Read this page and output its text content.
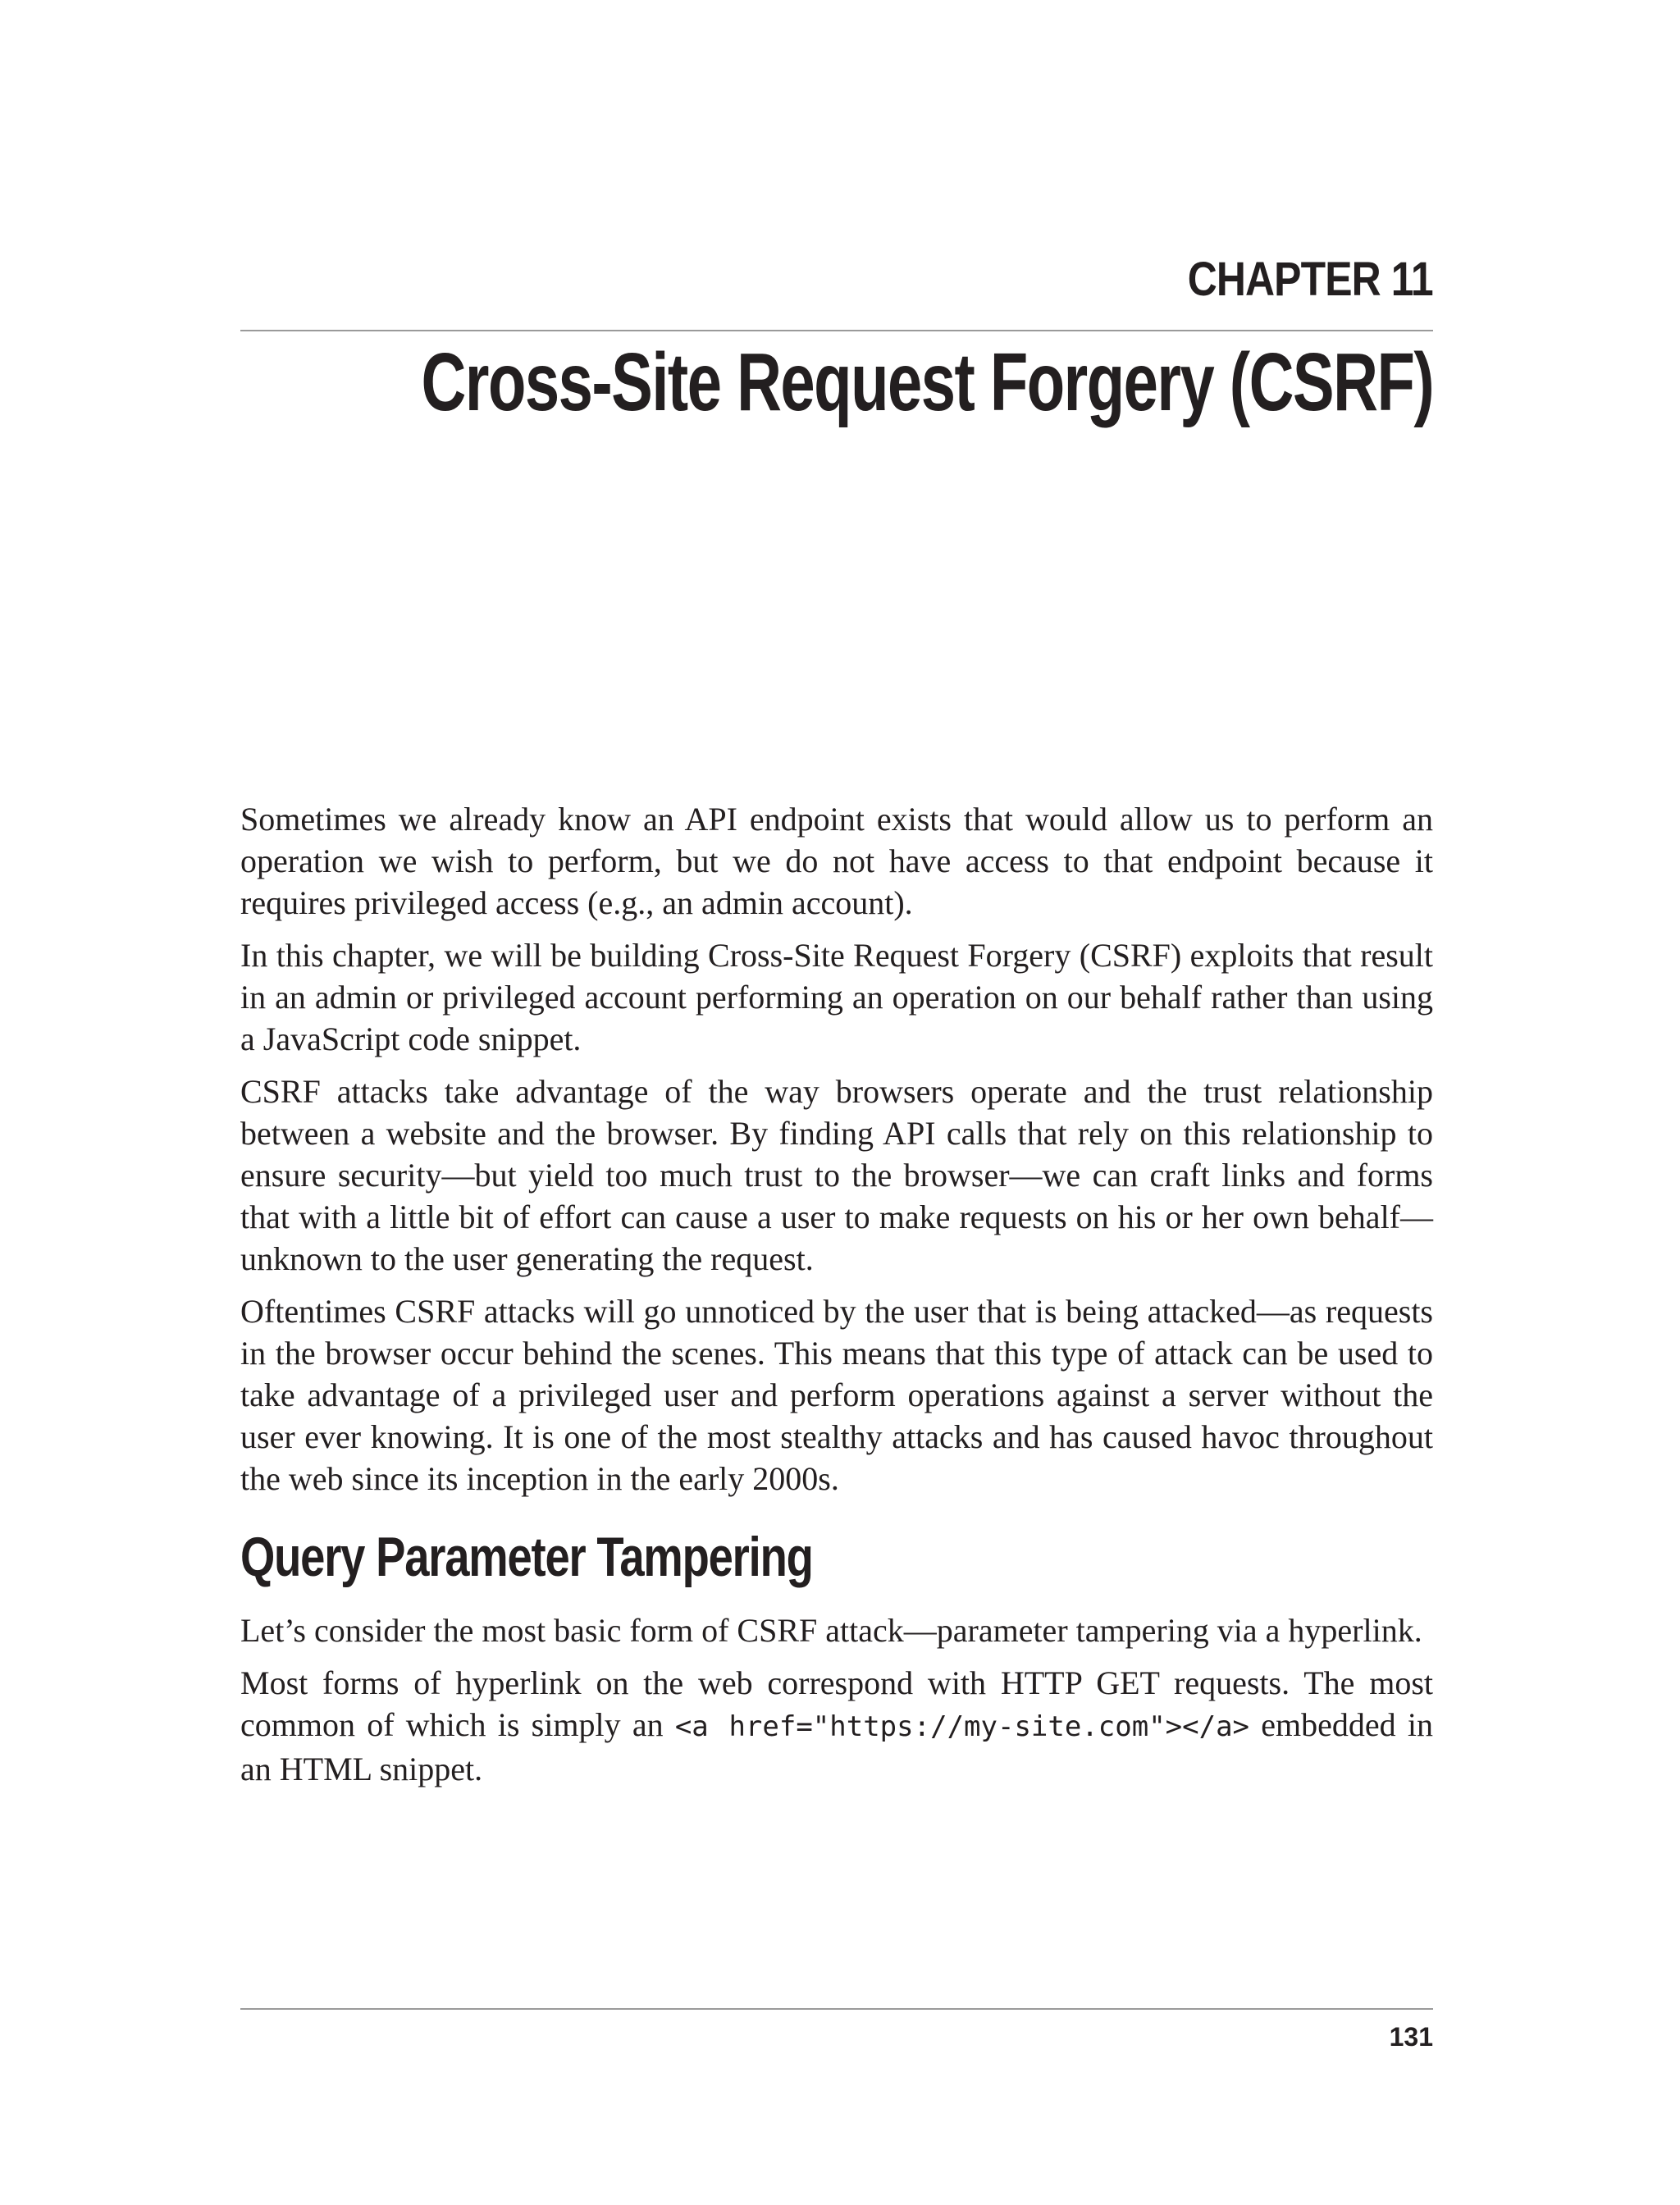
CHAPTER 11
Cross-Site Request Forgery (CSRF)

Sometimes we already know an API endpoint exists that would allow us to perform an operation we wish to perform, but we do not have access to that endpoint because it requires privileged access (e.g., an admin account).

In this chapter, we will be building Cross-Site Request Forgery (CSRF) exploits that result in an admin or privileged account performing an operation on our behalf rather than using a JavaScript code snippet.

CSRF attacks take advantage of the way browsers operate and the trust relationship between a website and the browser. By finding API calls that rely on this relationship to ensure security—but yield too much trust to the browser—we can craft links and forms that with a little bit of effort can cause a user to make requests on his or her own behalf—unknown to the user generating the request.

Oftentimes CSRF attacks will go unnoticed by the user that is being attacked—as requests in the browser occur behind the scenes. This means that this type of attack can be used to take advantage of a privileged user and perform operations against a server without the user ever knowing. It is one of the most stealthy attacks and has caused havoc throughout the web since its inception in the early 2000s.

Query Parameter Tampering

Let’s consider the most basic form of CSRF attack—parameter tampering via a hyperlink.

Most forms of hyperlink on the web correspond with HTTP GET requests. The most common of which is simply an <a href="https://my-site.com"></a> embedded in an HTML snippet.

131
